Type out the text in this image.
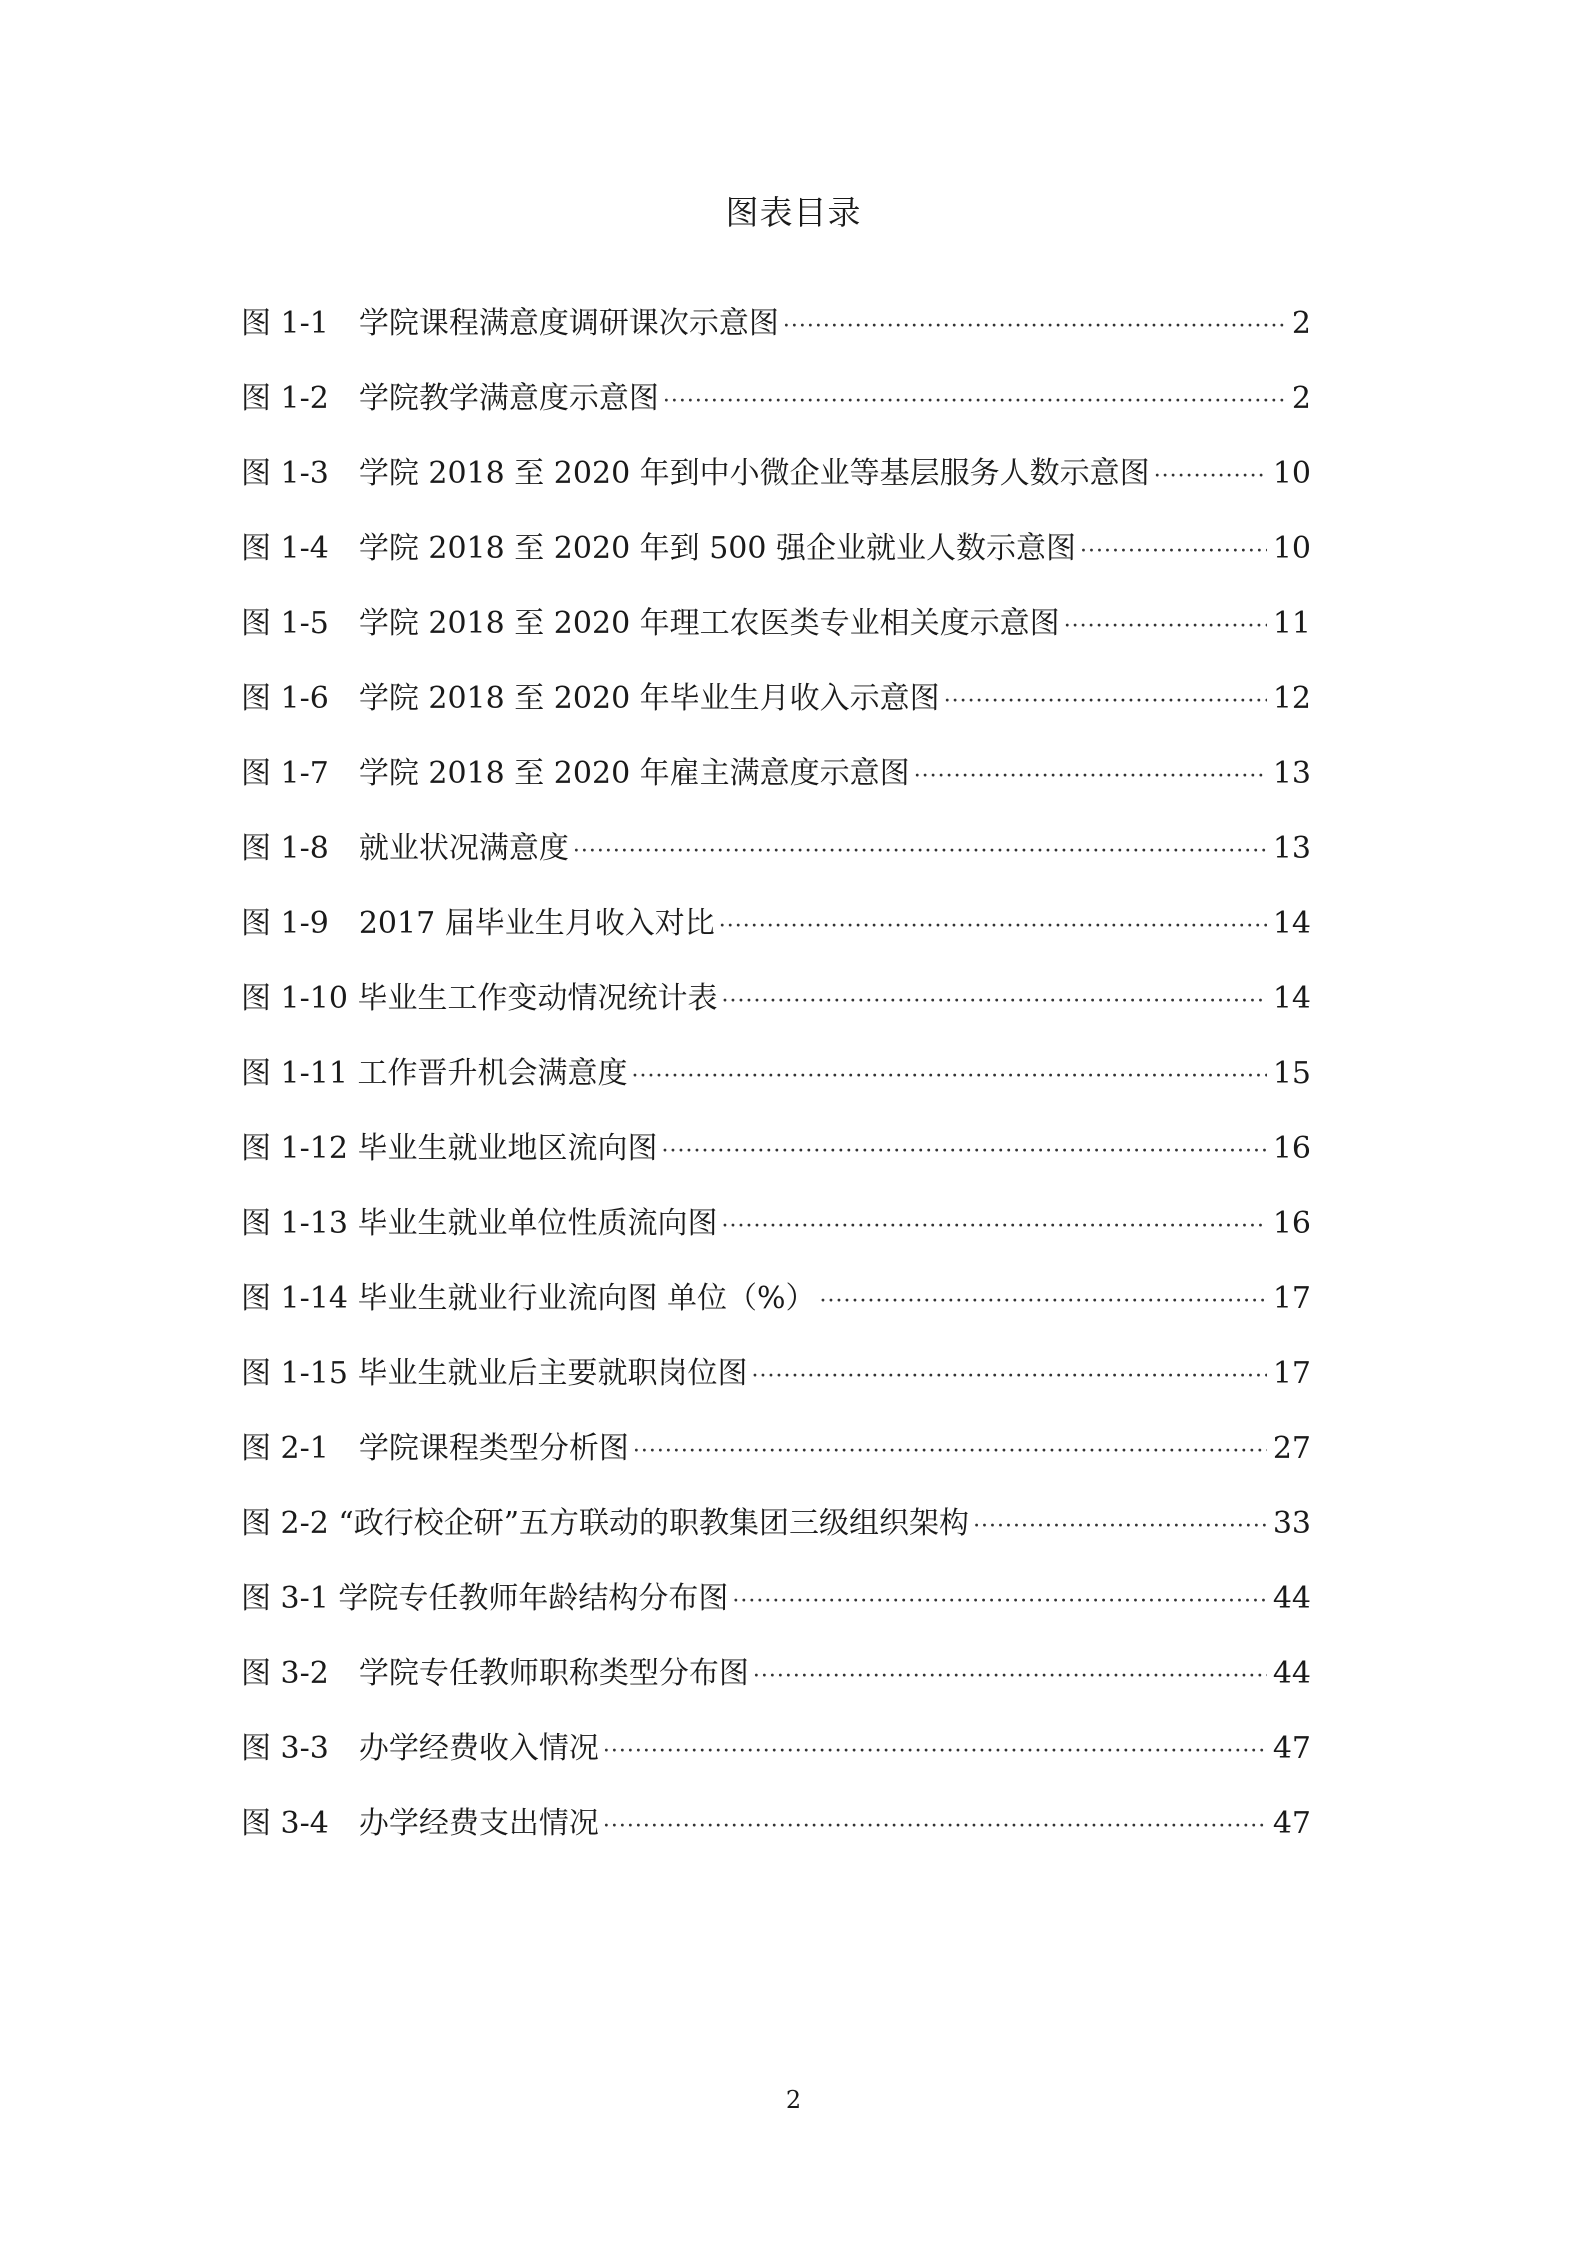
图表目录
图 1-1　学院课程满意度调研课次示意图 ·····	2
图 1-2　学院教学满意度示意图 ·····	2
图 1-3　学院 2018 至 2020 年到中小微企业等基层服务人数示意图 ·····	10
图 1-4　学院 2018 至 2020 年到 500 强企业就业人数示意图 ·····	10
图 1-5　学院 2018 至 2020 年理工农医类专业相关度示意图 ·····	11
图 1-6　学院 2018 至 2020 年毕业生月收入示意图 ·····	12
图 1-7　学院 2018 至 2020 年雇主满意度示意图 ·····	13
图 1-8　就业状况满意度 ·····	13
图 1-9　2017 届毕业生月收入对比 ·····	14
图 1-10 毕业生工作变动情况统计表 ·····	14
图 1-11 工作晋升机会满意度 ·····	15
图 1-12 毕业生就业地区流向图 ·····	16
图 1-13 毕业生就业单位性质流向图 ·····	16
图 1-14 毕业生就业行业流向图 单位（%） ·····	17
图 1-15 毕业生就业后主要就职岗位图 ·····	17
图 2-1　学院课程类型分析图 ·····	27
图 2-2 “政行校企研”五方联动的职教集团三级组织架构 ·····	33
图 3-1 学院专任教师年龄结构分布图 ·····	44
图 3-2　学院专任教师职称类型分布图 ·····	44
图 3-3　办学经费收入情况 ·····	47
图 3-4　办学经费支出情况 ·····	47
2
